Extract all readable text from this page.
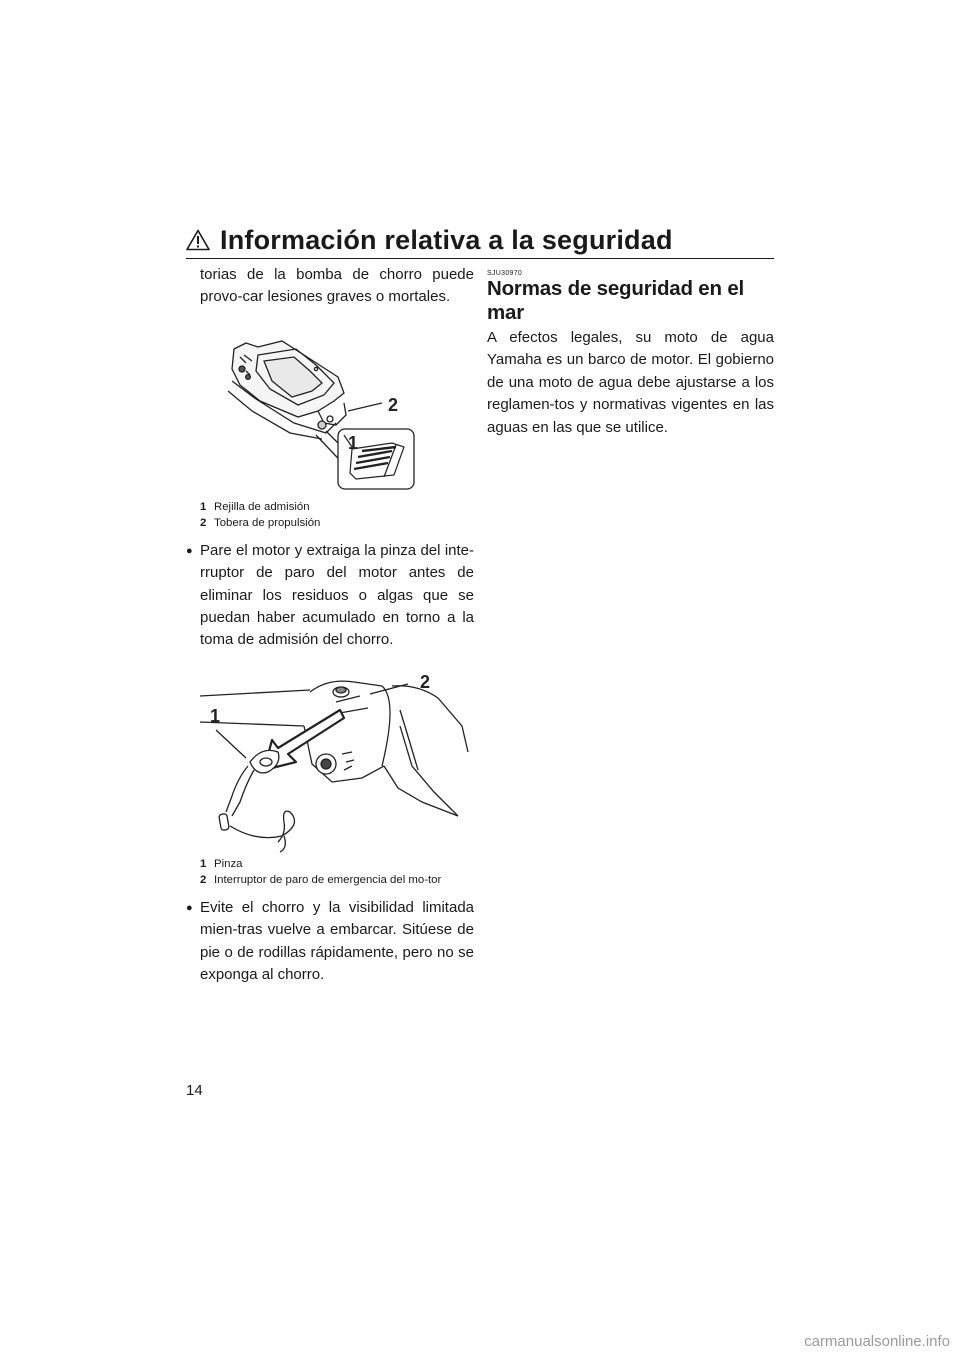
Información relativa a la seguridad

torias de la bomba de chorro puede provo-car lesiones graves o mortales.

2
1
1 Rejilla de admisión
2 Tobera de propulsión
● Pare el motor y extraiga la pinza del inte-rruptor de paro del motor antes de eliminar los residuos o algas que se puedan haber acumulado en torno a la toma de admisión del chorro.

1
2
1 Pinza
2 Interruptor de paro de emergencia del mo-tor
● Evite el chorro y la visibilidad limitada mien-tras vuelve a embarcar. Sitúese de pie o de rodillas rápidamente, pero no se exponga al chorro.

SJU30970
Normas de seguridad en el mar

A efectos legales, su moto de agua Yamaha es un barco de motor. El gobierno de una moto de agua debe ajustarse a los reglamen-tos y normativas vigentes en las aguas en las que se utilice.

14
carmanualsonline.info
